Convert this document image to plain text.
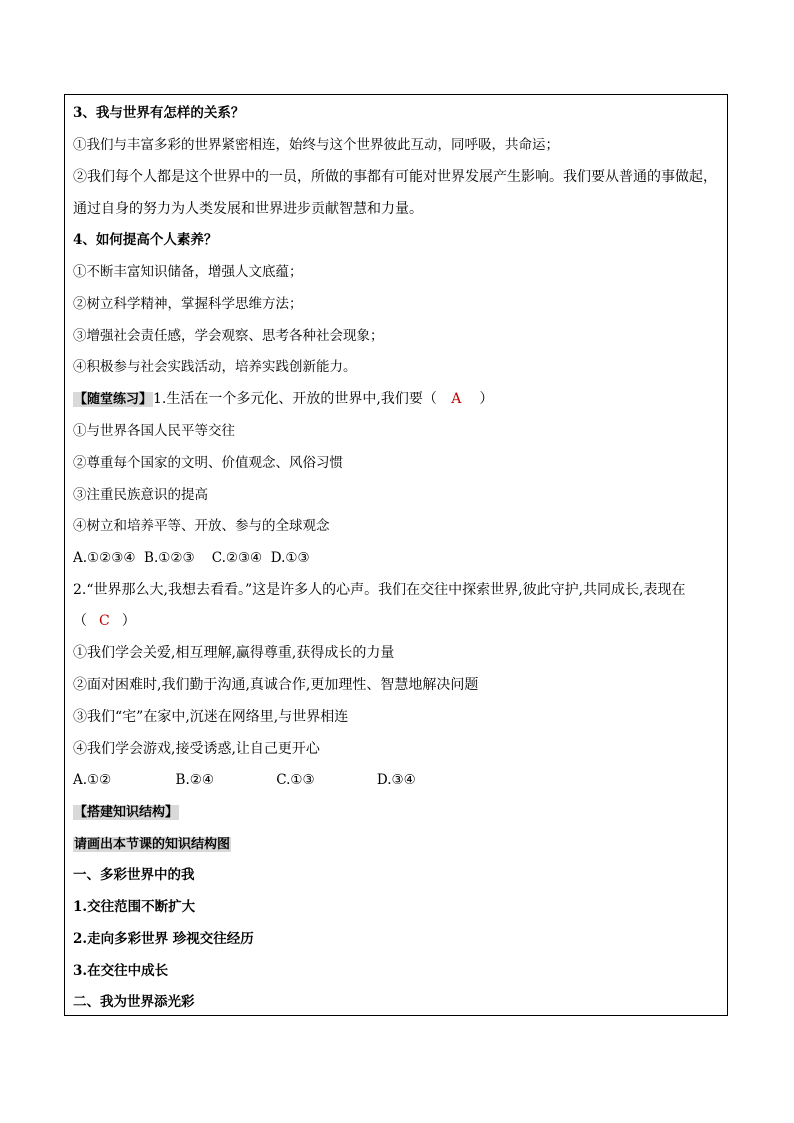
3、我与世界有怎样的关系？
①我们与丰富多彩的世界紧密相连，始终与这个世界彼此互动，同呼吸，共命运；
②我们每个人都是这个世界中的一员，所做的事都有可能对世界发展产生影响。我们要从普通的事做起，
通过自身的努力为人类发展和世界进步贡献智慧和力量。
4、如何提高个人素养？
①不断丰富知识储备，增强人文底蕴；
②树立科学精神，掌握科学思维方法；
③增强社会责任感，学会观察、思考各种社会现象；
④积极参与社会实践活动，培养实践创新能力。
【随堂练习】1.生活在一个多元化、开放的世界中,我们要（ A ）
①与世界各国人民平等交往
②尊重每个国家的文明、价值观念、风俗习惯
③注重民族意识的提高
④树立和培养平等、开放、参与的全球观念
A.①②③④  B.①②③    C.②③④  D.①③
2.“世界那么大,我想去看看。”这是许多人的心声。我们在交往中探索世界,彼此守护,共同成长,表现在
（ C ）
①我们学会关爱,相互理解,赢得尊重,获得成长的力量
②面对困难时,我们勤于沟通,真诚合作,更加理性、智慧地解决问题
③我们“宅”在家中,沉迷在网络里,与世界相连
④我们学会游戏,接受诱惑,让自己更开心
A.①②	B.②④	C.①③	D.③④
【搭建知识结构】
请画出本节课的知识结构图
一、多彩世界中的我
1.交往范围不断扩大
2.走向多彩世界 珍视交往经历
3.在交往中成长
二、我为世界添光彩
